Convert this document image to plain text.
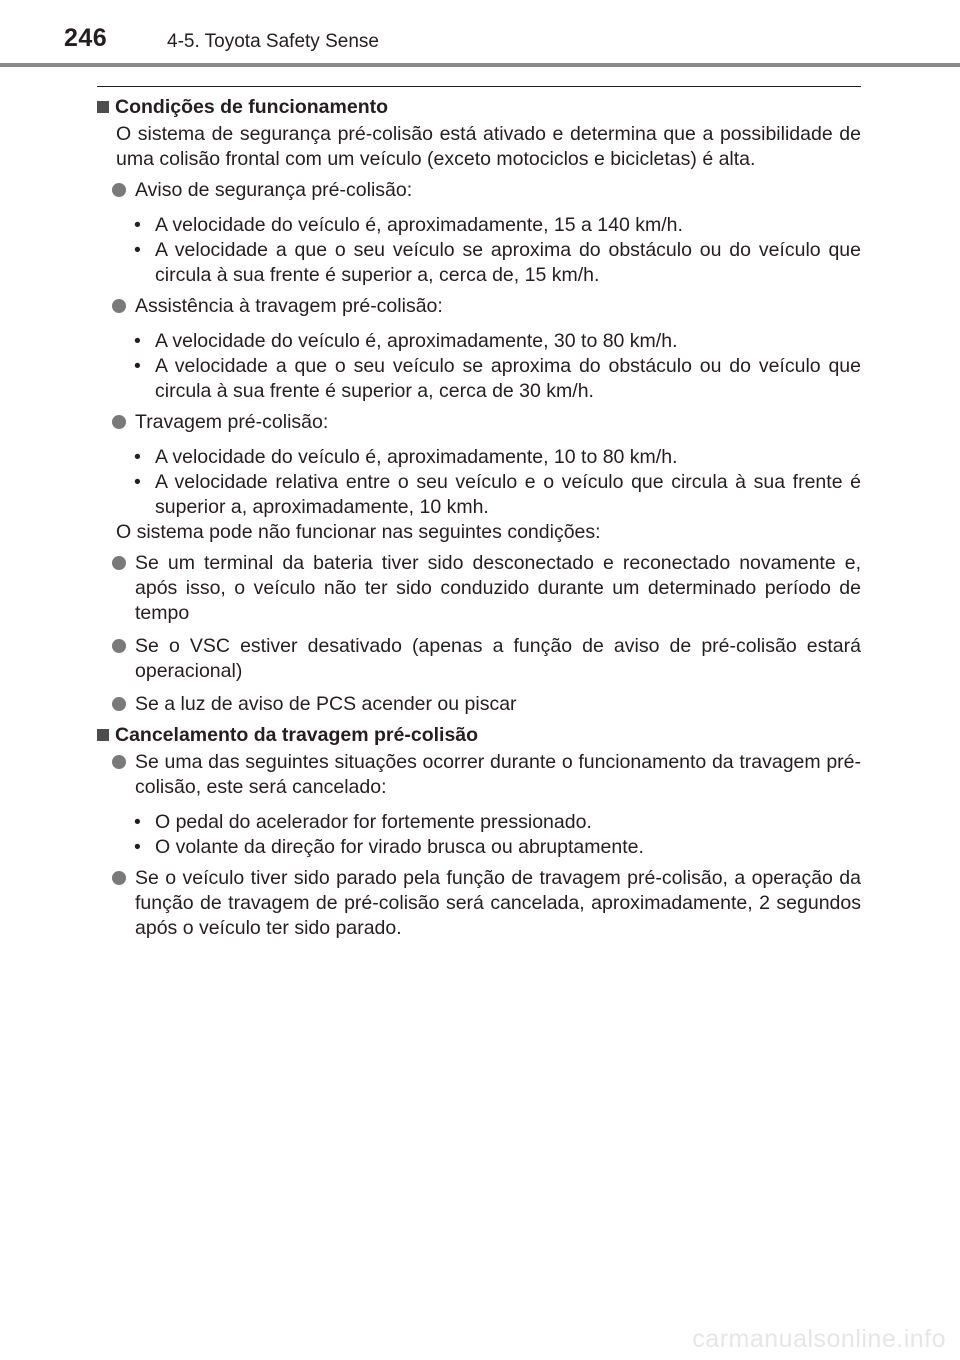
246	4-5. Toyota Safety Sense
Condições de funcionamento
O sistema de segurança pré-colisão está ativado e determina que a possibilidade de uma colisão frontal com um veículo (exceto motociclos e bicicletas) é alta.
Aviso de segurança pré-colisão:
• A velocidade do veículo é, aproximadamente, 15 a 140 km/h.
• A velocidade a que o seu veículo se aproxima do obstáculo ou do veículo que circula à sua frente é superior a, cerca de, 15 km/h.
Assistência à travagem pré-colisão:
• A velocidade do veículo é, aproximadamente, 30 to 80 km/h.
• A velocidade a que o seu veículo se aproxima do obstáculo ou do veículo que circula à sua frente é superior a, cerca de 30 km/h.
Travagem pré-colisão:
• A velocidade do veículo é, aproximadamente, 10 to 80 km/h.
• A velocidade relativa entre o seu veículo e o veículo que circula à sua frente é superior a, aproximadamente, 10 kmh.
O sistema pode não funcionar nas seguintes condições:
Se um terminal da bateria tiver sido desconectado e reconectado novamente e, após isso, o veículo não ter sido conduzido durante um determinado período de tempo
Se o VSC estiver desativado (apenas a função de aviso de pré-colisão estará operacional)
Se a luz de aviso de PCS acender ou piscar
Cancelamento da travagem pré-colisão
Se uma das seguintes situações ocorrer durante o funcionamento da travagem pré-colisão, este será cancelado:
• O pedal do acelerador for fortemente pressionado.
• O volante da direção for virado brusca ou abruptamente.
Se o veículo tiver sido parado pela função de travagem pré-colisão, a operação da função de travagem de pré-colisão será cancelada, aproximadamente, 2 segundos após o veículo ter sido parado.
carmanualsonline.info
